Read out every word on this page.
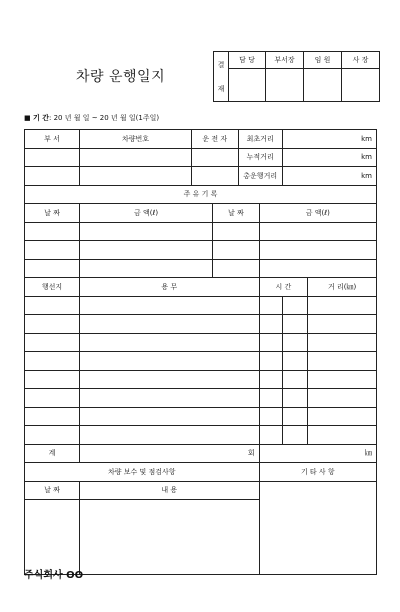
차량 운행일지
결

재	담 당	부서장	임 원	사 장

■ 기 간: 20 년 월 일 ~ 20 년 월 일(1주일)
부 서	차량번호	운 전 자		최초거리		km	
				누적거리		km	
				총운행거리		km	
주 유 기 록							
날 짜	금 액(ℓ)		날 짜		금 액(ℓ)		

행선지	용 무				시 간		거 리(㎞)

계	회				㎞		
차량 보수 및 점검사항					기 타 사 항		
날 짜	내 용						

주식회사 OO
